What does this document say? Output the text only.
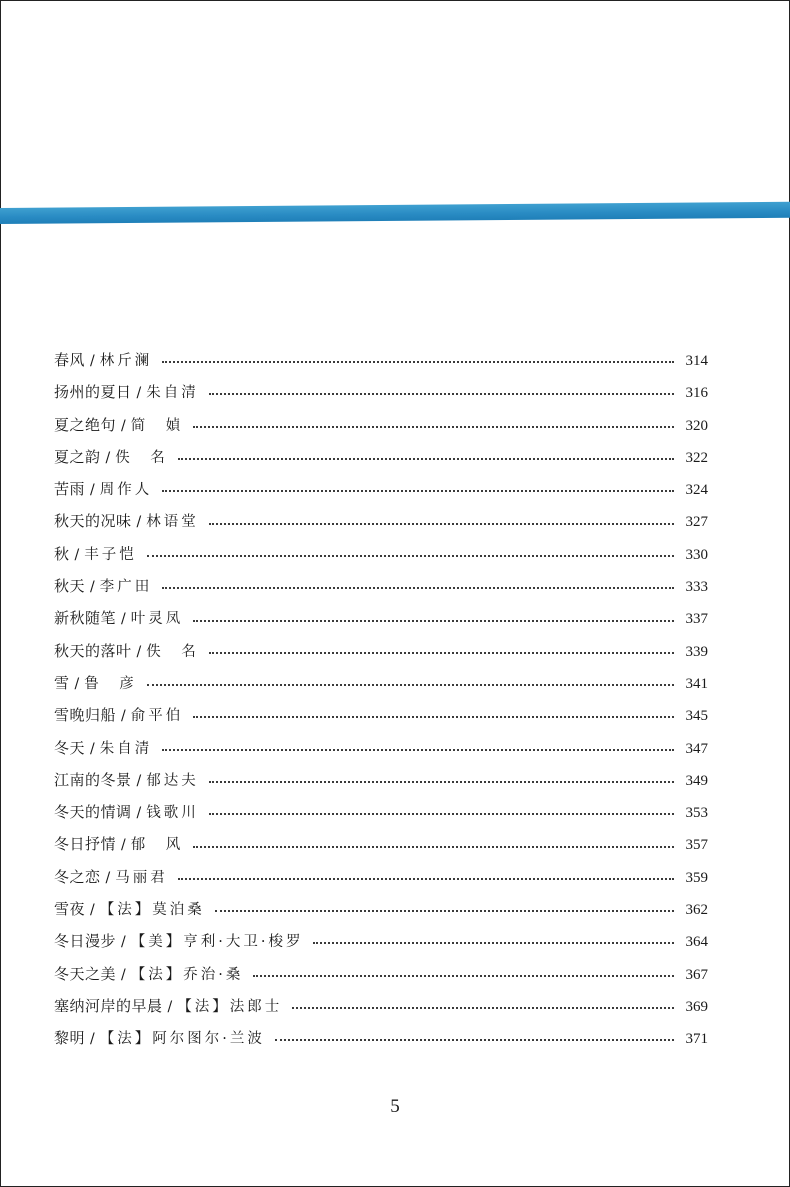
春风 / 林斤澜	314
扬州的夏日 / 朱自清	316
夏之绝句 / 简　媜	320
夏之韵 / 佚　名	322
苦雨 / 周作人	324
秋天的况味 / 林语堂	327
秋 / 丰子恺	330
秋天 / 李广田	333
新秋随笔 / 叶灵凤	337
秋天的落叶 / 佚　名	339
雪 / 鲁　彦	341
雪晚归船 / 俞平伯	345
冬天 / 朱自清	347
江南的冬景 / 郁达夫	349
冬天的情调 / 钱歌川	353
冬日抒情 / 郁　风	357
冬之恋 / 马丽君	359
雪夜 / 【法】莫泊桑	362
冬日漫步 / 【美】亨利·大卫·梭罗	364
冬天之美 / 【法】乔治·桑	367
塞纳河岸的早晨 / 【法】法郎士	369
黎明 / 【法】阿尔图尔·兰波	371
5
